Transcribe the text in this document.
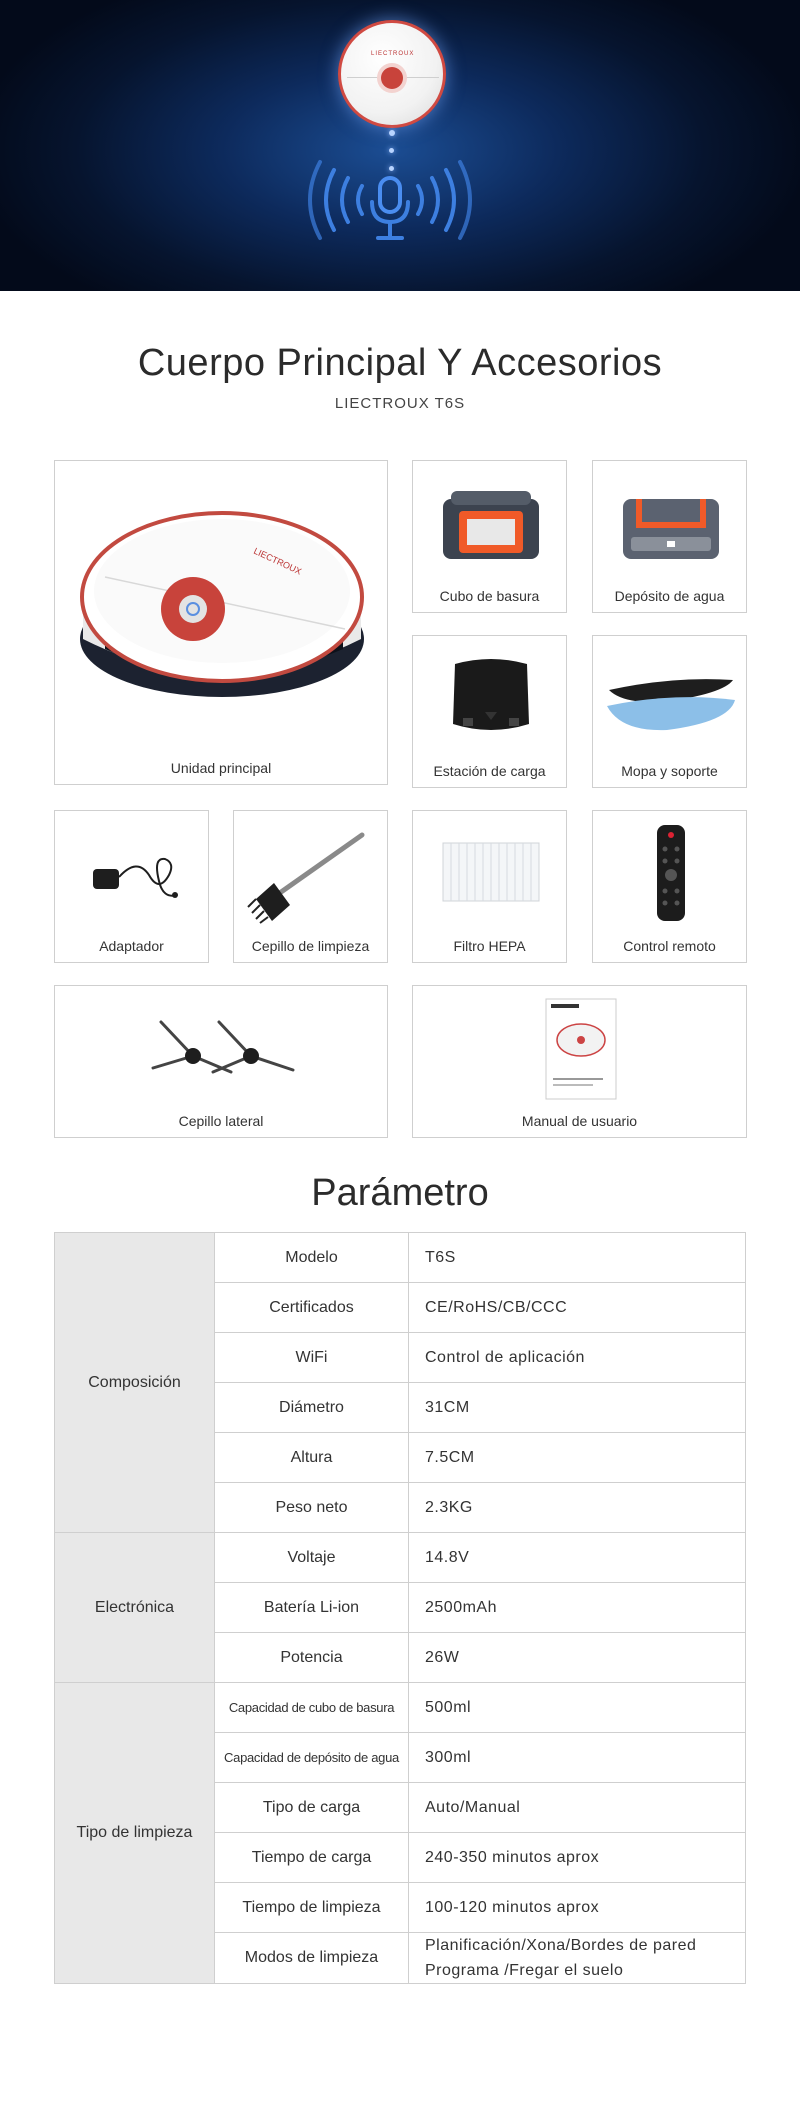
LIECTROUX
Cuerpo Principal Y Accesorios
LIECTROUX T6S
LIECTROUX
Unidad principal
Cubo de basura	Depósito de agua
Estación de carga	Mopa y soporte
Adaptador	Cepillo de limpieza	Filtro HEPA	Control remoto
Cepillo lateral	Manual de usuario
Parámetro
Composición	Modelo	T6S
	Certificados	CE/RoHS/CB/CCC
	WiFi	Control de aplicación
	Diámetro	31CM
	Altura	7.5CM
	Peso neto	2.3KG
Electrónica	Voltaje	14.8V
	Batería Li-ion	2500mAh
	Potencia	26W
Tipo de limpieza	Capacidad de cubo de basura	500ml
	Capacidad de depósito de agua	300ml
	Tipo de carga	Auto/Manual
	Tiempo de carga	240-350 minutos aprox
	Tiempo de limpieza	100-120 minutos aprox
	Modos de limpieza	Planificación/Xona/Bordes de pared
Programa /Fregar el suelo
